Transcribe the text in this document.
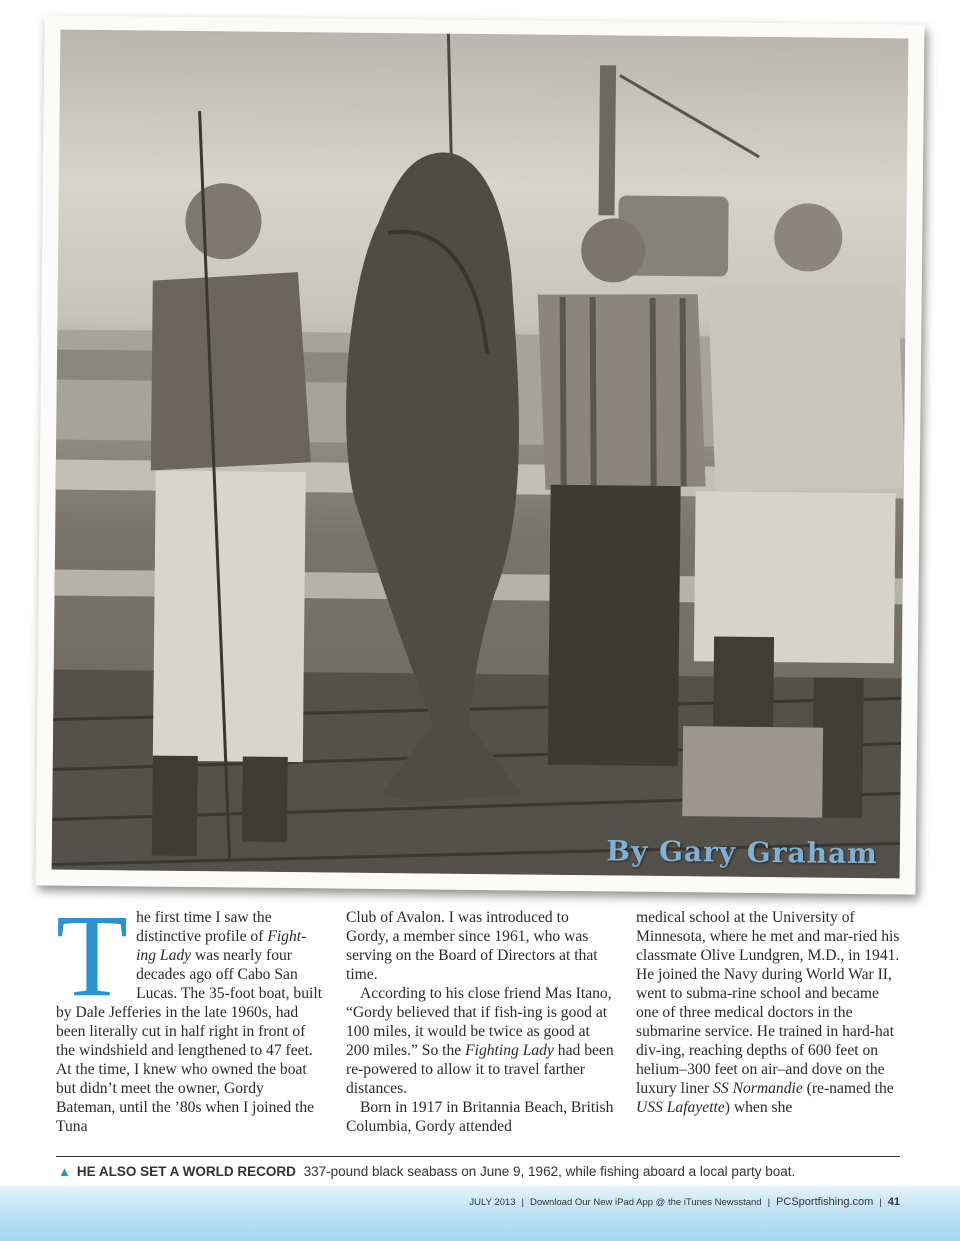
By Gary Graham

The first time I saw the distinctive profile of Fight-ing Lady was nearly four decades ago off Cabo San Lucas. The 35-foot boat, built by Dale Jefferies in the late 1960s, had been literally cut in half right in front of the windshield and lengthened to 47 feet. At the time, I knew who owned the boat but didn’t meet the owner, Gordy Bateman, until the ’80s when I joined the Tuna

Club of Avalon. I was introduced to Gordy, a member since 1961, who was serving on the Board of Directors at that time.

According to his close friend Mas Itano, “Gordy believed that if fish-ing is good at 100 miles, it would be twice as good at 200 miles.” So the Fighting Lady had been re-powered to allow it to travel farther distances.

Born in 1917 in Britannia Beach, British Columbia, Gordy attended

medical school at the University of Minnesota, where he met and mar-ried his classmate Olive Lundgren, M.D., in 1941. He joined the Navy during World War II, went to subma-rine school and became one of three medical doctors in the submarine service. He trained in hard-hat div-ing, reaching depths of 600 feet on helium–300 feet on air–and dove on the luxury liner SS Normandie (re-named the USS Lafayette) when she

▲ HE ALSO SET A WORLD RECORD 337-pound black seabass on June 9, 1962, while fishing aboard a local party boat.
JULY 2013 | Download Our New iPad App @ the iTunes Newsstand | PCSportfishing.com | 41
